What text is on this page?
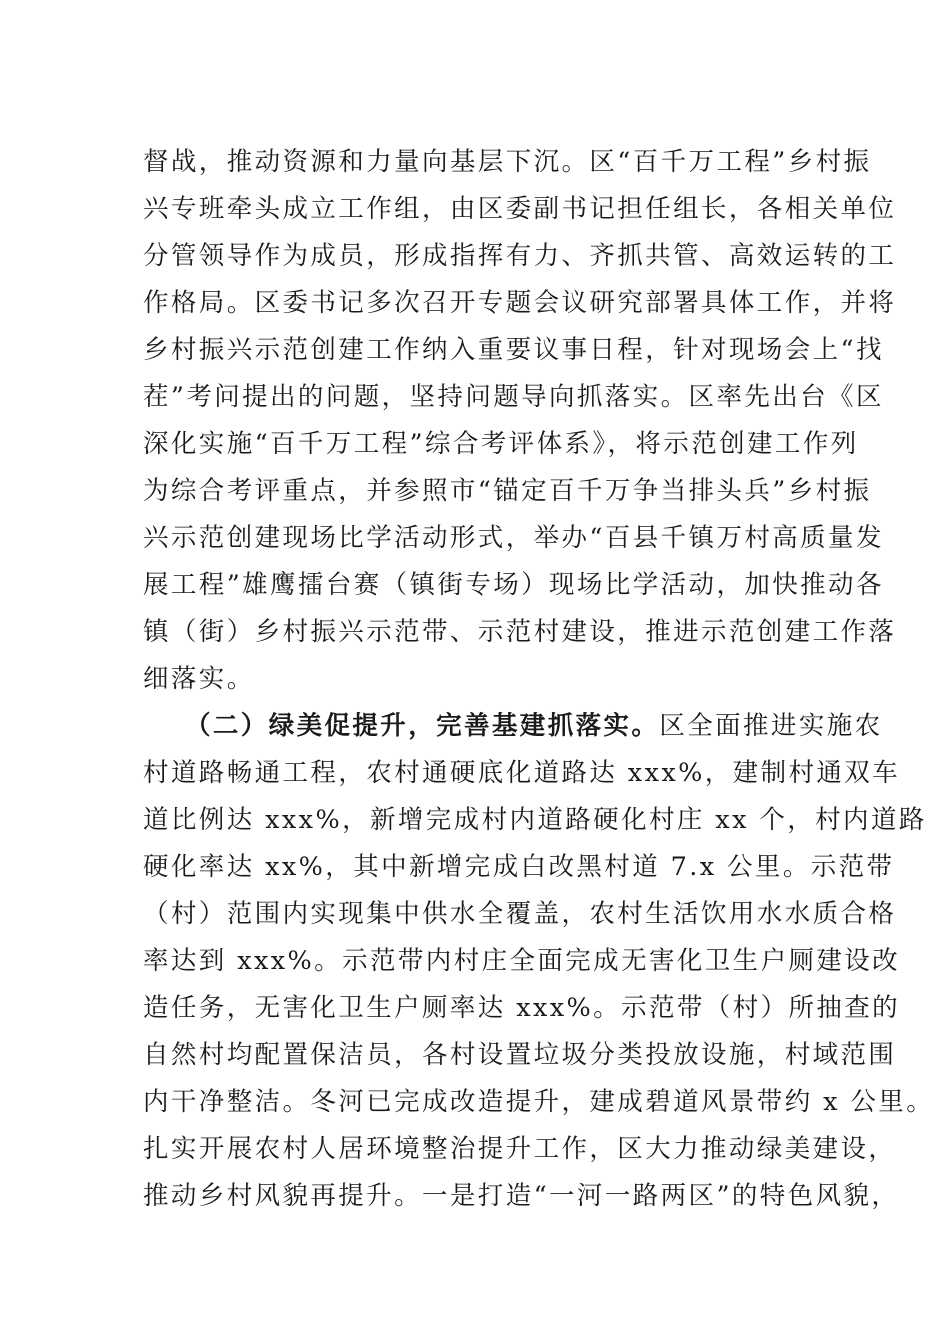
督战，推动资源和力量向基层下沉。区“百千万工程”乡村振
兴专班牵头成立工作组，由区委副书记担任组长，各相关单位
分管领导作为成员，形成指挥有力、齐抓共管、高效运转的工
作格局。区委书记多次召开专题会议研究部署具体工作，并将
乡村振兴示范创建工作纳入重要议事日程，针对现场会上“找
茬”考问提出的问题，坚持问题导向抓落实。区率先出台《区
深化实施“百千万工程”综合考评体系》，将示范创建工作列
为综合考评重点，并参照市“锚定百千万争当排头兵”乡村振
兴示范创建现场比学活动形式，举办“百县千镇万村高质量发
展工程”雄鹰擂台赛（镇街专场）现场比学活动，加快推动各
镇（街）乡村振兴示范带、示范村建设，推进示范创建工作落
细落实。
（二）绿美促提升，完善基建抓落实。区全面推进实施农
村道路畅通工程，农村通硬底化道路达 xxx%，建制村通双车
道比例达 xxx%，新增完成村内道路硬化村庄 xx 个，村内道路
硬化率达 xx%，其中新增完成白改黑村道 7.x 公里。示范带
（村）范围内实现集中供水全覆盖，农村生活饮用水水质合格
率达到 xxx%。示范带内村庄全面完成无害化卫生户厕建设改
造任务，无害化卫生户厕率达 xxx%。示范带（村）所抽查的
自然村均配置保洁员，各村设置垃圾分类投放设施，村域范围
内干净整洁。冬河已完成改造提升，建成碧道风景带约 x 公里。
扎实开展农村人居环境整治提升工作，区大力推动绿美建设，
推动乡村风貌再提升。一是打造“一河一路两区”的特色风貌，
